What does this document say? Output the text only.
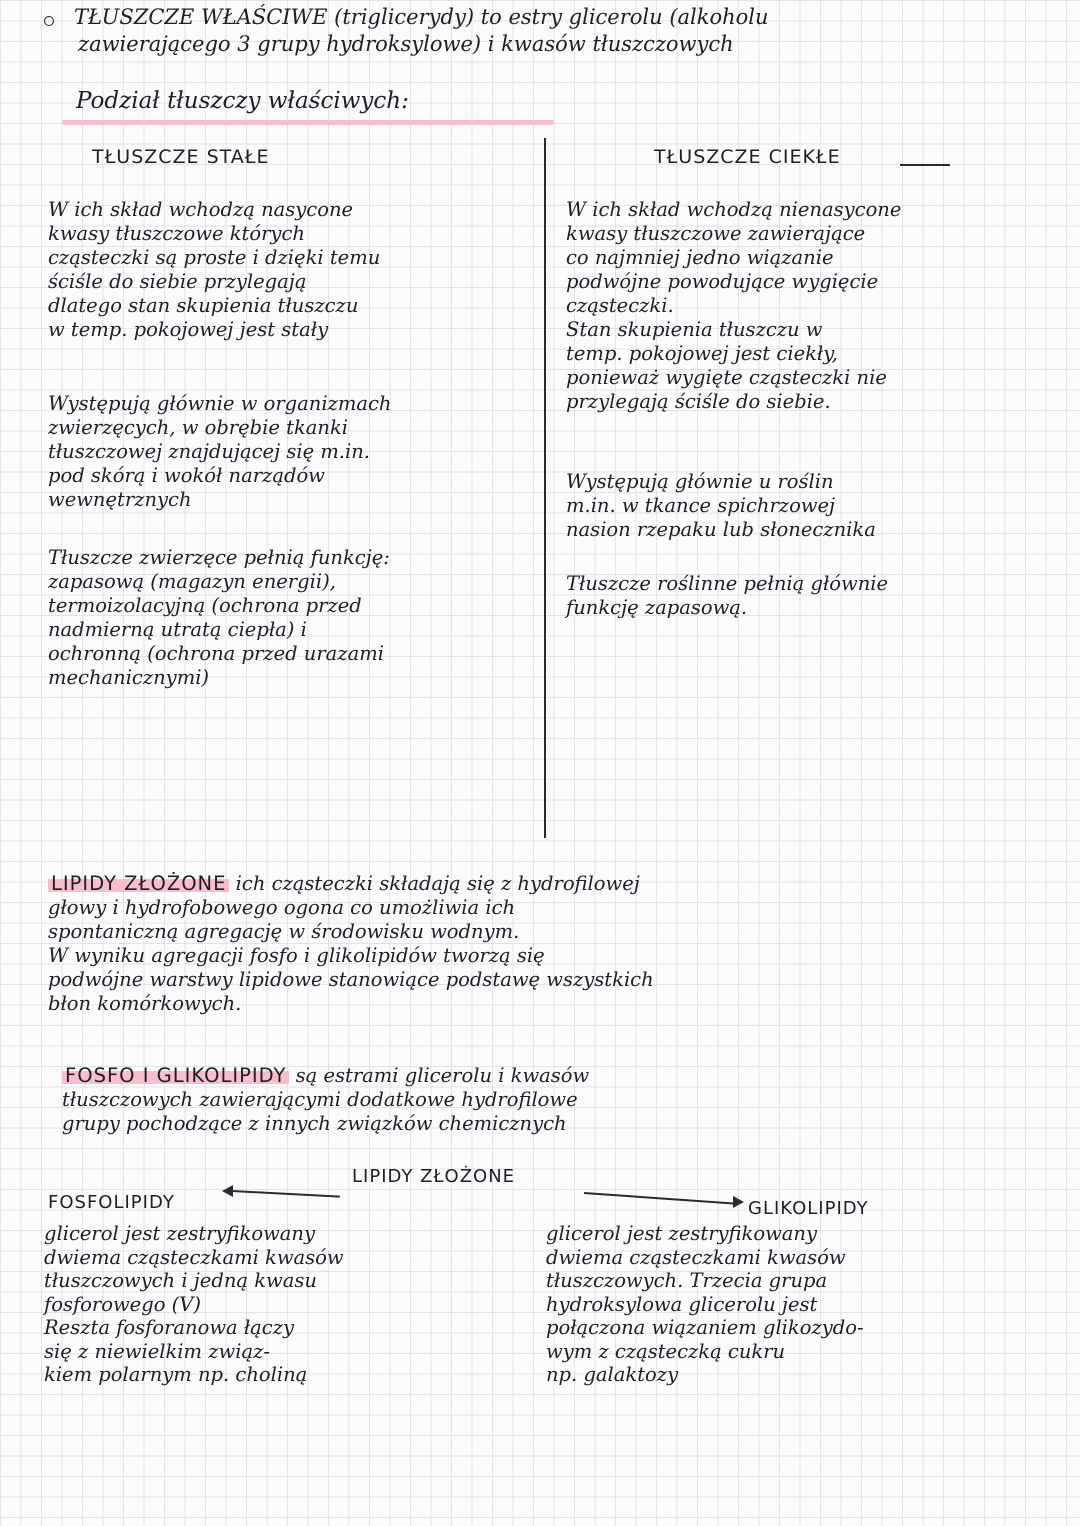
TŁUSZCZE WŁAŚCIWE (triglicerydy) to estry glicerolu (alkoholu
zawierającego 3 grupy hydroksylowe) i kwasów tłuszczowych
Podział tłuszczy właściwych:
TŁUSZCZE STAŁE
W ich skład wchodzą nasycone
kwasy tłuszczowe których
cząsteczki są proste i dzięki temu
ściśle do siebie przylegają
dlatego stan skupienia tłuszczu
w temp. pokojowej jest stały
Występują głównie w organizmach
zwierzęcych, w obrębie tkanki
tłuszczowej znajdującej się m.in.
pod skórą i wokół narządów
wewnętrznych
Tłuszcze zwierzęce pełnią funkcję:
zapasową (magazyn energii),
termoizolacyjną (ochrona przed
nadmierną utratą ciepła) i
ochronną (ochrona przed urazami
mechanicznymi)
TŁUSZCZE CIEKŁE
W ich skład wchodzą nienasycone
kwasy tłuszczowe zawierające
co najmniej jedno wiązanie
podwójne powodujące wygięcie
cząsteczki.
Stan skupienia tłuszczu w
temp. pokojowej jest ciekły,
ponieważ wygięte cząsteczki nie
przylegają ściśle do siebie.
Występują głównie u roślin
m.in. w tkance spichrzowej
nasion rzepaku lub słonecznika
Tłuszcze roślinne pełnią głównie
funkcję zapasową.
LIPIDY ZŁOŻONE ich cząsteczki składają się z hydrofilowej
głowy i hydrofobowego ogona co umożliwia ich
spontaniczną agregację w środowisku wodnym.
W wyniku agregacji fosfo i glikolipidów tworzą się
podwójne warstwy lipidowe stanowiące podstawę wszystkich
błon komórkowych.
FOSFO I GLIKOLIPIDY są estrami glicerolu i kwasów
tłuszczowych zawierającymi dodatkowe hydrofilowe
grupy pochodzące z innych związków chemicznych
LIPIDY ZŁOŻONE
FOSFOLIPIDY
glicerol jest zestryfikowany
dwiema cząsteczkami kwasów
tłuszczowych i jedną kwasu
fosforowego (V)
Reszta fosforanowa łączy
się z niewielkim związ-
kiem polarnym np. choliną
GLIKOLIPIDY
glicerol jest zestryfikowany
dwiema cząsteczkami kwasów
tłuszczowych. Trzecia grupa
hydroksylowa glicerolu jest
połączona wiązaniem glikozydo-
wym z cząsteczką cukru
np. galaktozy
